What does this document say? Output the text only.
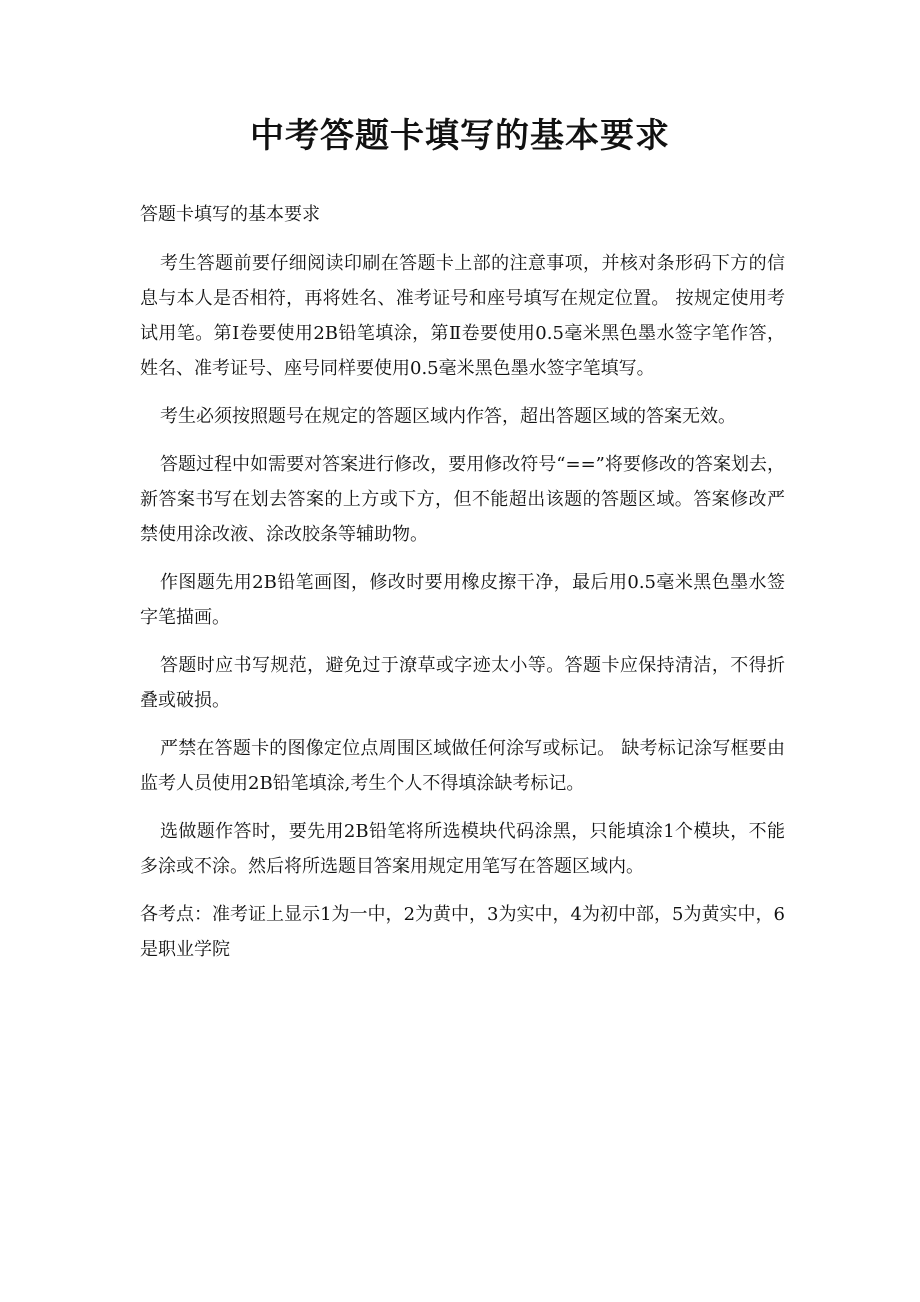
中考答题卡填写的基本要求

答题卡填写的基本要求

考生答题前要仔细阅读印刷在答题卡上部的注意事项，并核对条形码下方的信息与本人是否相符，再将姓名、准考证号和座号填写在规定位置。 按规定使用考试用笔。第Ⅰ卷要使用2B铅笔填涂，第Ⅱ卷要使用0.5毫米黑色墨水签字笔作答，姓名、准考证号、座号同样要使用0.5毫米黑色墨水签字笔填写。

考生必须按照题号在规定的答题区域内作答，超出答题区域的答案无效。

答题过程中如需要对答案进行修改，要用修改符号“==”将要修改的答案划去，新答案书写在划去答案的上方或下方，但不能超出该题的答题区域。答案修改严禁使用涂改液、涂改胶条等辅助物。

作图题先用2B铅笔画图，修改时要用橡皮擦干净，最后用0.5毫米黑色墨水签字笔描画。

答题时应书写规范，避免过于潦草或字迹太小等。答题卡应保持清洁，不得折叠或破损。

严禁在答题卡的图像定位点周围区域做任何涂写或标记。 缺考标记涂写框要由监考人员使用2B铅笔填涂,考生个人不得填涂缺考标记。

选做题作答时，要先用2B铅笔将所选模块代码涂黑，只能填涂1个模块，不能多涂或不涂。然后将所选题目答案用规定用笔写在答题区域内。

各考点：准考证上显示1为一中，2为黄中，3为实中，4为初中部，5为黄实中，6是职业学院
